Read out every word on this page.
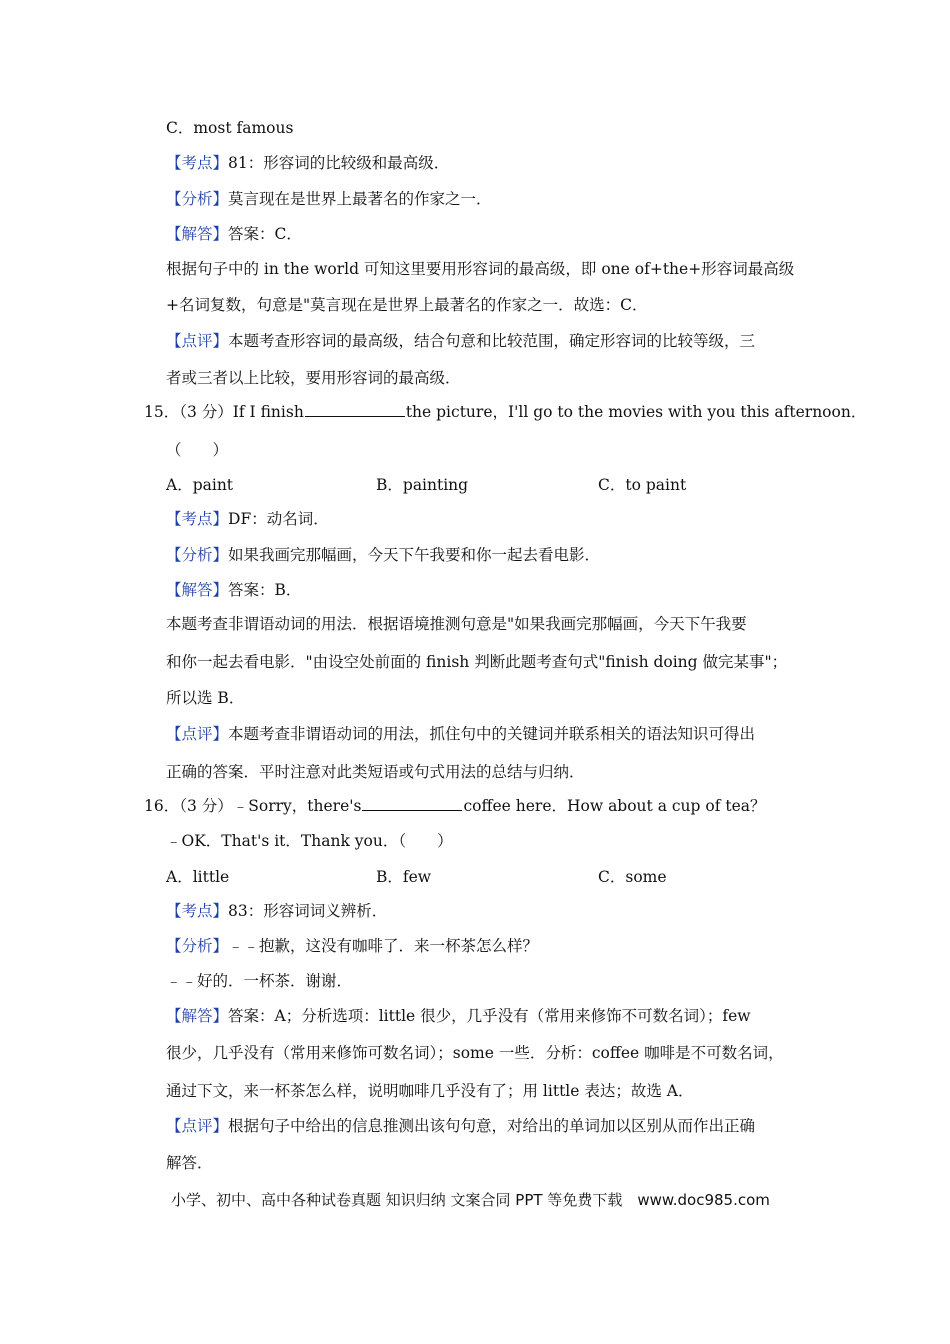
C．most famous
【考点】81：形容词的比较级和最高级．
【分析】莫言现在是世界上最著名的作家之一．
【解答】答案：C．
根据句子中的 in the world 可知这里要用形容词的最高级，即 one of+the+形容词最高级
+名词复数，句意是"莫言现在是世界上最著名的作家之一．故选：C．
【点评】本题考查形容词的最高级，结合句意和比较范围，确定形容词的比较等级，三
者或三者以上比较，要用形容词的最高级．
15．（3 分）If I finish	the picture，I'll go to the movies with you this afternoon．
（　　）
A．paint	B．painting	C．to paint
【考点】DF：动名词．
【分析】如果我画完那幅画，今天下午我要和你一起去看电影．
【解答】答案：B．
本题考查非谓语动词的用法．根据语境推测句意是"如果我画完那幅画，今天下午我要
和你一起去看电影．"由设空处前面的 finish 判断此题考查句式"finish doing 做完某事"；
所以选 B．
【点评】本题考查非谓语动词的用法，抓住句中的关键词并联系相关的语法知识可得出
正确的答案．平时注意对此类短语或句式用法的总结与归纳．
16．（3 分）﹣Sorry，there's	coffee here．How about a cup of tea？
﹣OK．That's it．Thank you．（　　）
A．little	B．few	C．some
【考点】83：形容词词义辨析．
【分析】﹣﹣抱歉，这没有咖啡了．来一杯茶怎么样？
﹣﹣好的．一杯茶．谢谢．
【解答】答案：A；分析选项：little 很少，几乎没有（常用来修饰不可数名词）；few
很少，几乎没有（常用来修饰可数名词）；some 一些．分析：coffee 咖啡是不可数名词，
通过下文，来一杯茶怎么样，说明咖啡几乎没有了；用 little 表达；故选 A．
【点评】根据句子中给出的信息推测出该句句意，对给出的单词加以区别从而作出正确
解答．
小学、初中、高中各种试卷真题 知识归纳 文案合同 PPT 等免费下载　www.doc985.com
